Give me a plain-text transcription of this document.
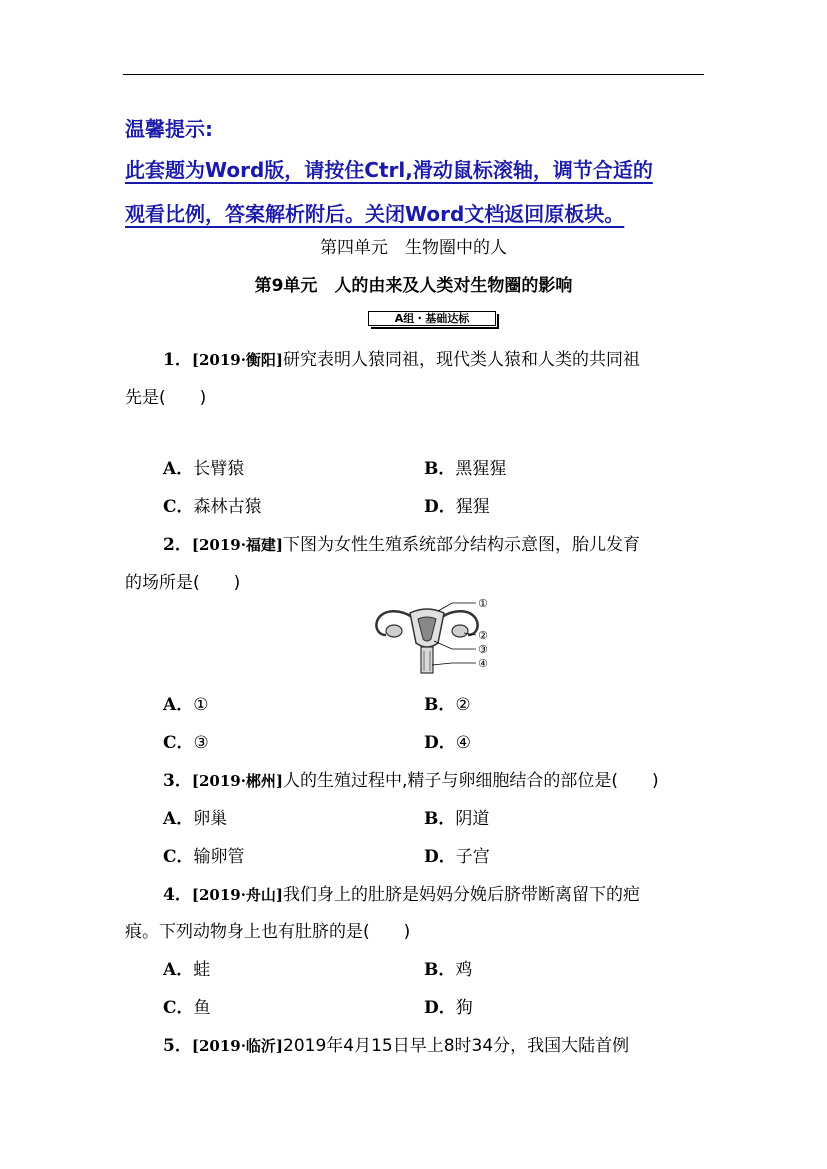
温馨提示:
此套题为Word版，请按住Ctrl,滑动鼠标滚轴，调节合适的
观看比例，答案解析附后。关闭Word文档返回原板块。
第四单元　生物圈中的人
第9单元　人的由来及人类对生物圈的影响
A组・基础达标
1．[2019·衡阳]研究表明人猿同祖，现代类人猿和人类的共同祖
先是(　　)
A．长臂猿	B．黑猩猩
C．森林古猿	D．猩猩
2．[2019·福建]下图为女性生殖系统部分结构示意图，胎儿发育
的场所是(　　)
①
②
③
④
A．①	B．②
C．③	D．④
3．[2019·郴州]人的生殖过程中,精子与卵细胞结合的部位是(　　)
A．卵巢	B．阴道
C．输卵管	D．子宫
4．[2019·舟山]我们身上的肚脐是妈妈分娩后脐带断离留下的疤
痕。下列动物身上也有肚脐的是(　　)
A．蛙	B．鸡
C．鱼	D．狗
5．[2019·临沂]2019年4月15日早上8时34分，我国大陆首例
